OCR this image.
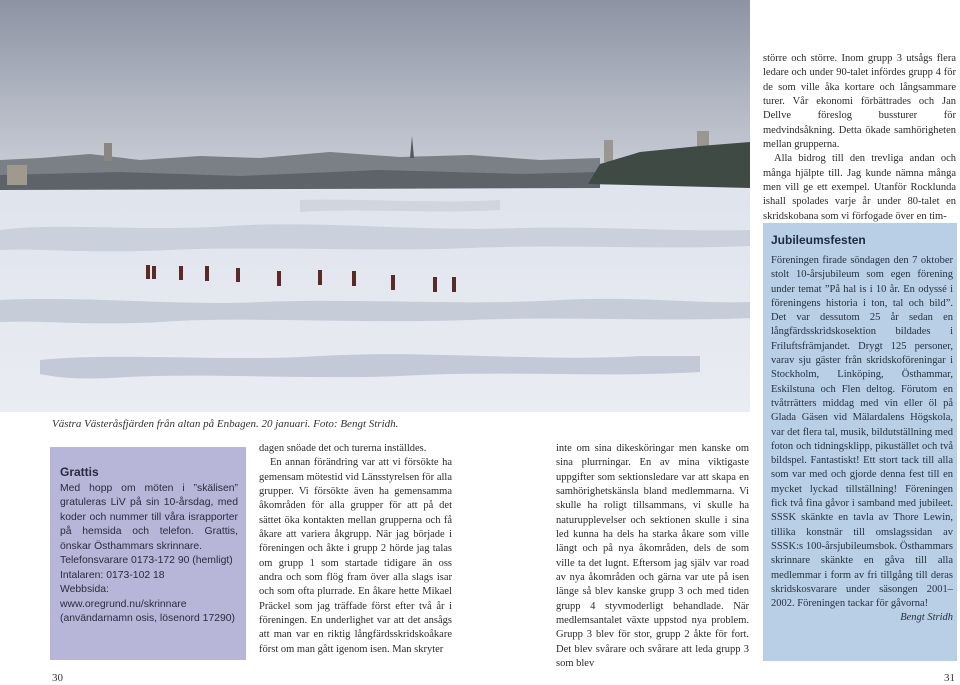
större och större. Inom grupp 3 utsågs flera ledare och under 90-talet infördes grupp 4 för de som ville åka kortare och långsammare turer. Vår ekonomi förbättrades och Jan Dellve föreslog bussturer för medvindsåkning. Detta ökade samhörigheten mellan grupperna.

Alla bidrog till den trevliga andan och många hjälpte till. Jag kunde nämna många men vill ge ett exempel. Utanför Rocklunda ishall spolades varje år under 80-talet en skridskobana som vi förfogade över en tim-

Västra Västeråsfjärden från altan på Enbagen. 20 januari. Foto: Bengt Stridh.
Grattis

Med hopp om möten i ”skälisen” gratuleras LiV på sin 10-årsdag, med koder och nummer till våra israpporter på hemsida och telefon. Grattis, önskar Östhammars skrinnare.

Telefonsvarare 0173-172 90 (hemligt)

Intalaren: 0173-102 18

Webbsida: www.oregrund.nu/skrinnare

(användarnamn osis, lösenord 17290)

dagen snöade det och turerna inställdes.

En annan förändring var att vi försökte ha gemensam mötestid vid Länsstyrelsen för alla grupper. Vi försökte även ha gemensamma åkområden för alla grupper för att på det sättet öka kontakten mellan grupperna och få åkare att variera åkgrupp. När jag började i föreningen och åkte i grupp 2 hörde jag talas om grupp 1 som startade tidigare än oss andra och som flög fram över alla slags isar och som ofta plurrade. En åkare hette Mikael Präckel som jag träffade först efter två år i föreningen. En underlighet var att det ansågs att man var en riktig långfärdsskridskoåkare först om man gått igenom isen. Man skryter

inte om sina dikesköringar men kanske om sina plurrningar. En av mina viktigaste uppgifter som sektionsledare var att skapa en samhörighetskänsla bland medlemmarna. Vi skulle ha roligt tillsammans, vi skulle ha naturupplevelser och sektionen skulle i sina led kunna ha dels ha starka åkare som ville längt och på nya åkområden, dels de som ville ta det lugnt. Eftersom jag själv var road av nya åkområden och gärna var ute på isen länge så blev kanske grupp 3 och med tiden grupp 4 styvmoderligt behandlade. När medlemsantalet växte uppstod nya problem. Grupp 3 blev för stor, grupp 2 åkte för fort. Det blev svårare och svårare att leda grupp 3 som blev

Jubileumsfesten

Föreningen firade söndagen den 7 oktober stolt 10-årsjubileum som egen förening under temat ”På hal is i 10 år. En odyssé i föreningens historia i ton, tal och bild”. Det var dessutom 25 år sedan en långfärdsskridskosektion bildades i Friluftsfrämjandet. Drygt 125 personer, varav sju gäster från skridskoföreningar i Stockholm, Linköping, Östhammar, Eskilstuna och Flen deltog. Förutom en tvåtrrätters middag med vin eller öl på Glada Gäsen vid Mälardalens Högskola, var det flera tal, musik, bildutställning med foton och tidningsklipp, pikustället och två bildspel. Fantastiskt! Ett stort tack till alla som var med och gjorde denna fest till en mycket lyckad tillställning! Föreningen fick två fina gåvor i samband med jubileet. SSSK skänkte en tavla av Thore Lewin, tillika konstnär till omslagssidan av SSSK:s 100-årsjubileumsbok. Östhammars skrinnare skänkte en gåva till alla medlemmar i form av fri tillgång till deras skridskosvarare under säsongen 2001–2002. Föreningen tackar för gåvorna!

Bengt Stridh

30	31
